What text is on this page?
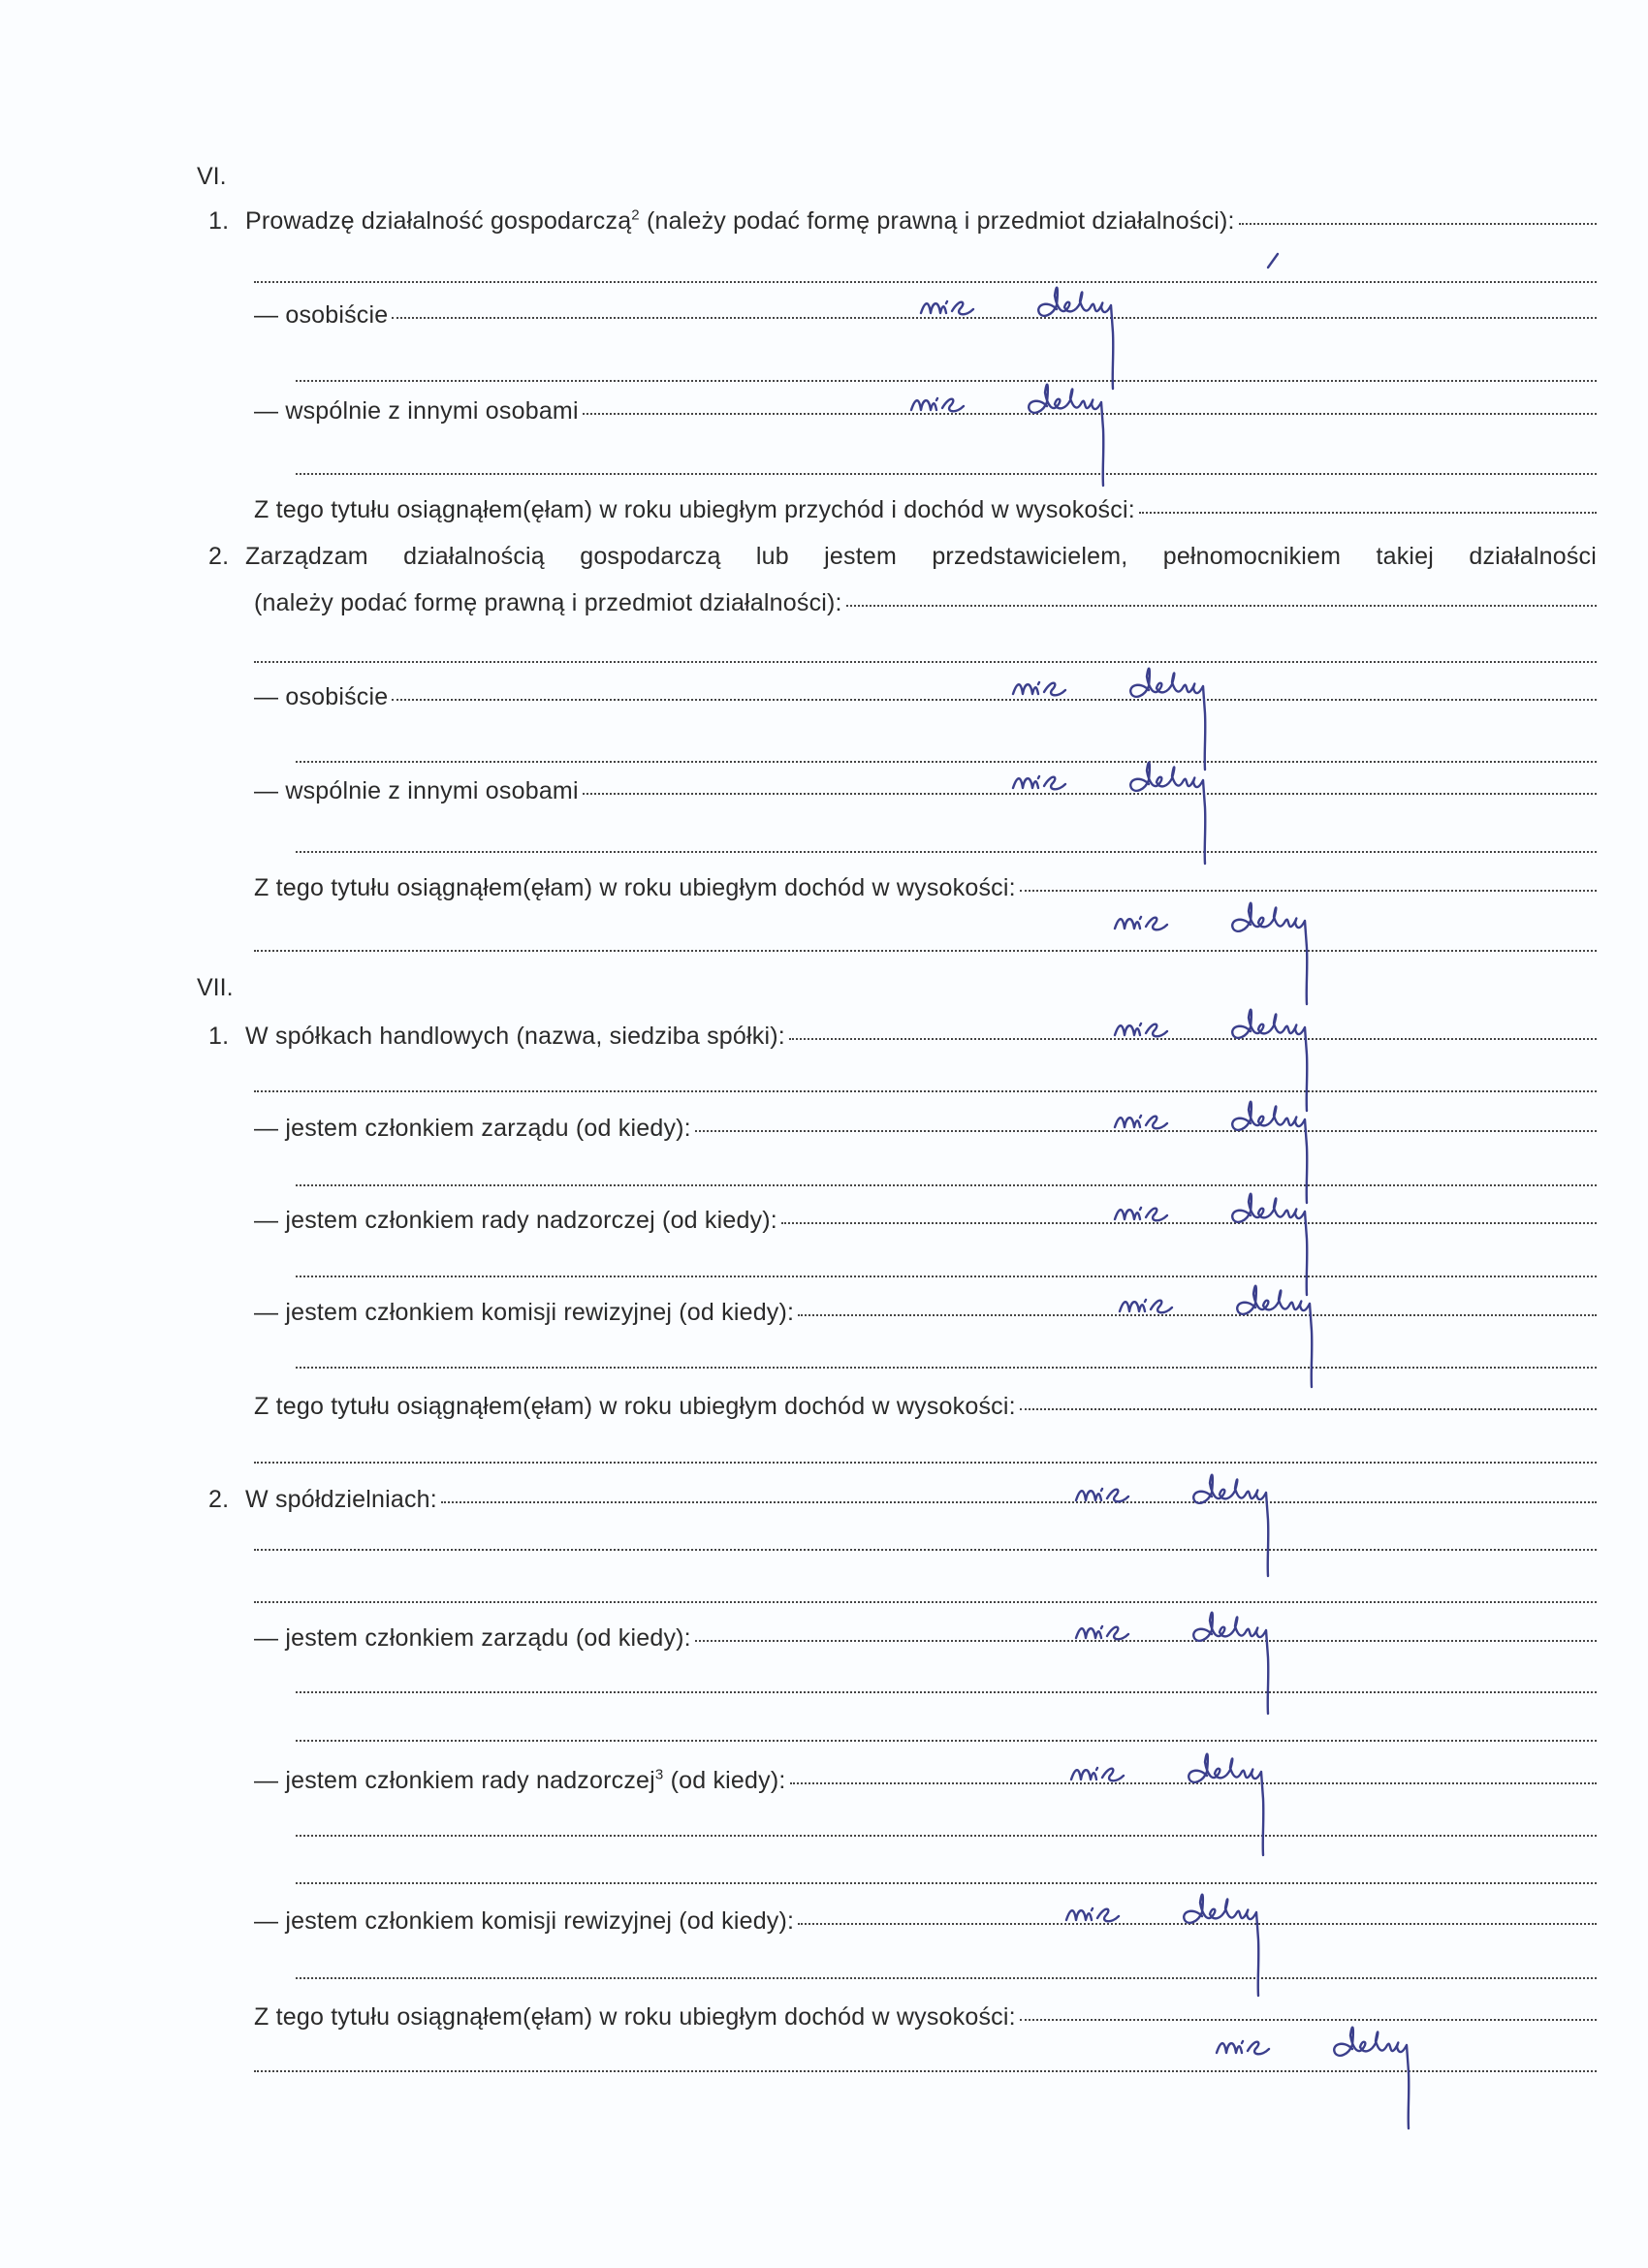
VI.
1. Prowadzę działalność gospodarczą$^2$ (należy podać formę prawną i przedmiot działalności):
— osobiście
— wspólnie z innymi osobami
Z tego tytułu osiągnąłem(ęłam) w roku ubiegłym przychód i dochód w wysokości:
2. Zarządzam działalnością gospodarczą lub jestem przedstawicielem, pełnomocnikiem takiej działalności
(należy podać formę prawną i przedmiot działalności):
— osobiście
— wspólnie z innymi osobami
Z tego tytułu osiągnąłem(ęłam) w roku ubiegłym dochód w wysokości:
VII.
1. W spółkach handlowych (nazwa, siedziba spółki):
— jestem członkiem zarządu (od kiedy):
— jestem członkiem rady nadzorczej (od kiedy):
— jestem członkiem komisji rewizyjnej (od kiedy):
Z tego tytułu osiągnąłem(ęłam) w roku ubiegłym dochód w wysokości:
2. W spółdzielniach:
— jestem członkiem zarządu (od kiedy):
— jestem członkiem rady nadzorczej$^3$ (od kiedy):
— jestem członkiem komisji rewizyjnej (od kiedy):
Z tego tytułu osiągnąłem(ęłam) w roku ubiegłym dochód w wysokości:
